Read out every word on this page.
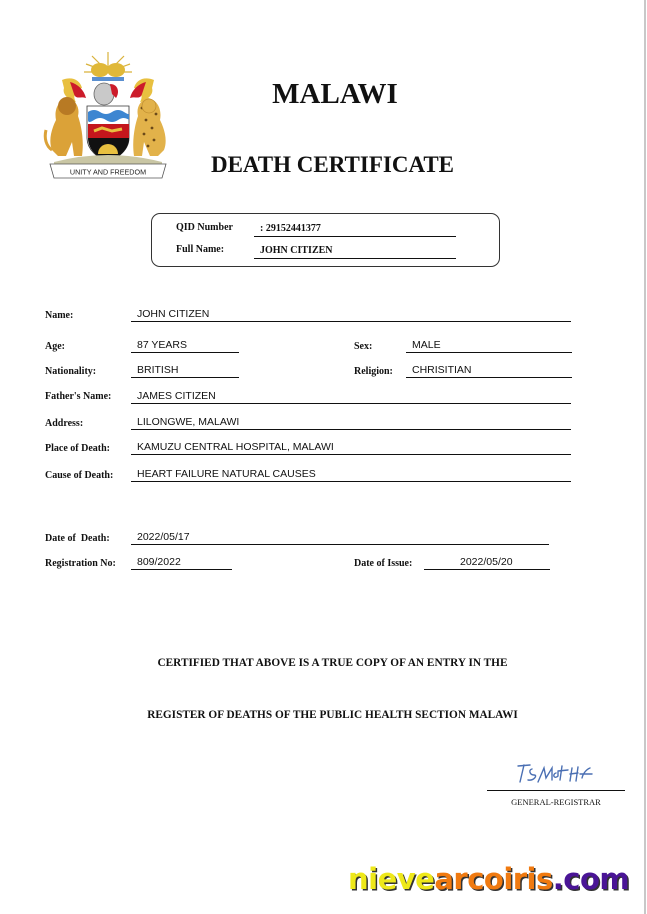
UNITY AND FREEDOM
MALAWI
DEATH CERTIFICATE
QID Number	: 29152441377
Full Name:	JOHN CITIZEN
Name:	JOHN CITIZEN
Age:	87 YEARS	Sex:	MALE
Nationality:	BRITISH	Religion:	CHRISITIAN
Father's Name:	JAMES CITIZEN
Address:	LILONGWE, MALAWI
Place of Death:	KAMUZU CENTRAL HOSPITAL, MALAWI
Cause of Death:	HEART FAILURE NATURAL CAUSES
Date of  Death:	2022/05/17
Registration No:	809/2022	Date of Issue:	2022/05/20
CERTIFIED THAT ABOVE IS A TRUE COPY OF AN ENTRY IN THE
REGISTER OF DEATHS OF THE PUBLIC HEALTH SECTION MALAWI
GENERAL-REGISTRAR
nievearcoiris.com
